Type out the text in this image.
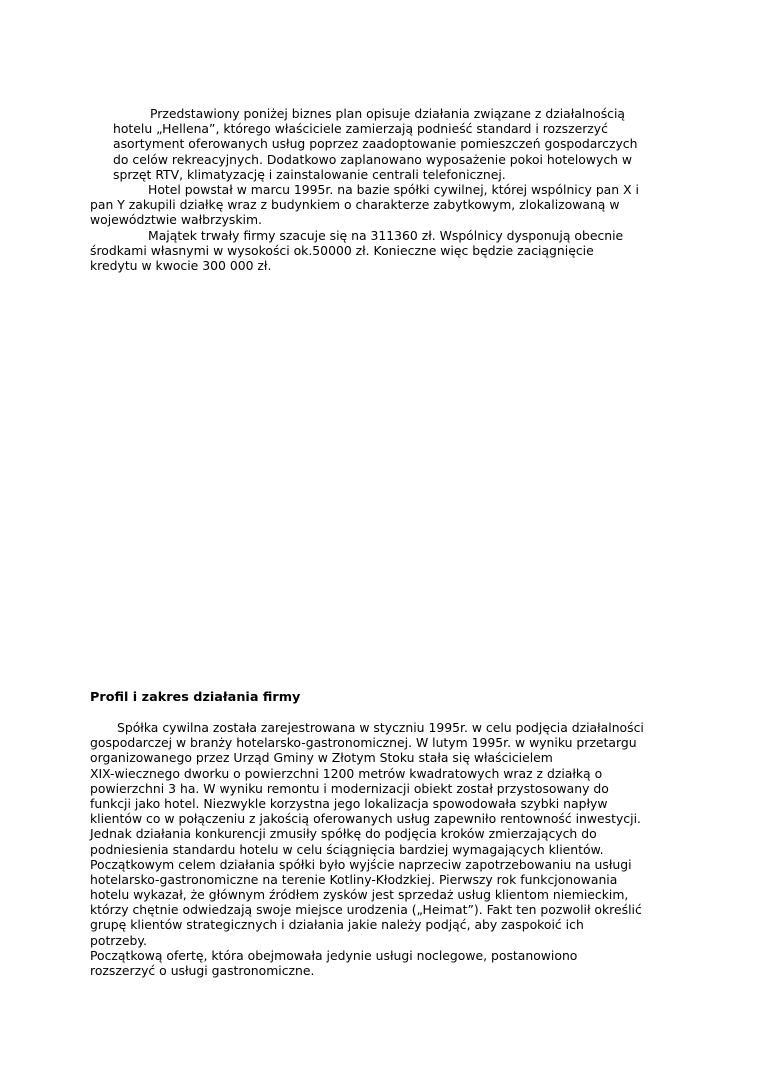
Przedstawiony poniżej biznes plan opisuje działania związane z działalnością
hotelu „Hellena”, którego właściciele zamierzają podnieść standard i rozszerzyć
asortyment oferowanych usług poprzez zaadoptowanie pomieszczeń gospodarczych
do celów rekreacyjnych. Dodatkowo zaplanowano wyposażenie pokoi hotelowych w
sprzęt RTV, klimatyzację i zainstalowanie centrali telefonicznej.
Hotel powstał w marcu 1995r. na bazie spółki cywilnej, której wspólnicy pan X i
pan Y zakupili działkę wraz z budynkiem o charakterze zabytkowym, zlokalizowaną w
województwie wałbrzyskim.
Majątek trwały firmy szacuje się na 311360 zł. Wspólnicy dysponują obecnie
środkami własnymi w wysokości ok.50000 zł. Konieczne więc będzie zaciągnięcie
kredytu w kwocie 300 000 zł.
Profil i zakres działania firmy
Spółka cywilna została zarejestrowana w styczniu 1995r. w celu podjęcia działalności
gospodarczej w branży hotelarsko-gastronomicznej. W lutym 1995r. w wyniku przetargu
organizowanego przez Urząd Gminy w Złotym Stoku stała się właścicielem
XIX-wiecznego dworku o powierzchni 1200 metrów kwadratowych wraz z działką o
powierzchni 3 ha. W wyniku remontu i modernizacji obiekt został przystosowany do
funkcji jako hotel. Niezwykle korzystna jego lokalizacja spowodowała szybki napływ
klientów co w połączeniu z jakością oferowanych usług zapewniło rentowność inwestycji.
Jednak działania konkurencji zmusiły spółkę do podjęcia kroków zmierzających do
podniesienia standardu hotelu w celu ściągnięcia bardziej wymagających klientów.
Początkowym celem działania spółki było wyjście naprzeciw zapotrzebowaniu na usługi
hotelarsko-gastronomiczne na terenie Kotliny-Kłodzkiej. Pierwszy rok funkcjonowania
hotelu wykazał, że głównym źródłem zysków jest sprzedaż usług klientom niemieckim,
którzy chętnie odwiedzają swoje miejsce urodzenia („Heimat”). Fakt ten pozwolił określić
grupę klientów strategicznych i działania jakie należy podjąć, aby zaspokoić ich
potrzeby.
Początkową ofertę, która obejmowała jedynie usługi noclegowe, postanowiono
rozszerzyć o usługi gastronomiczne.
